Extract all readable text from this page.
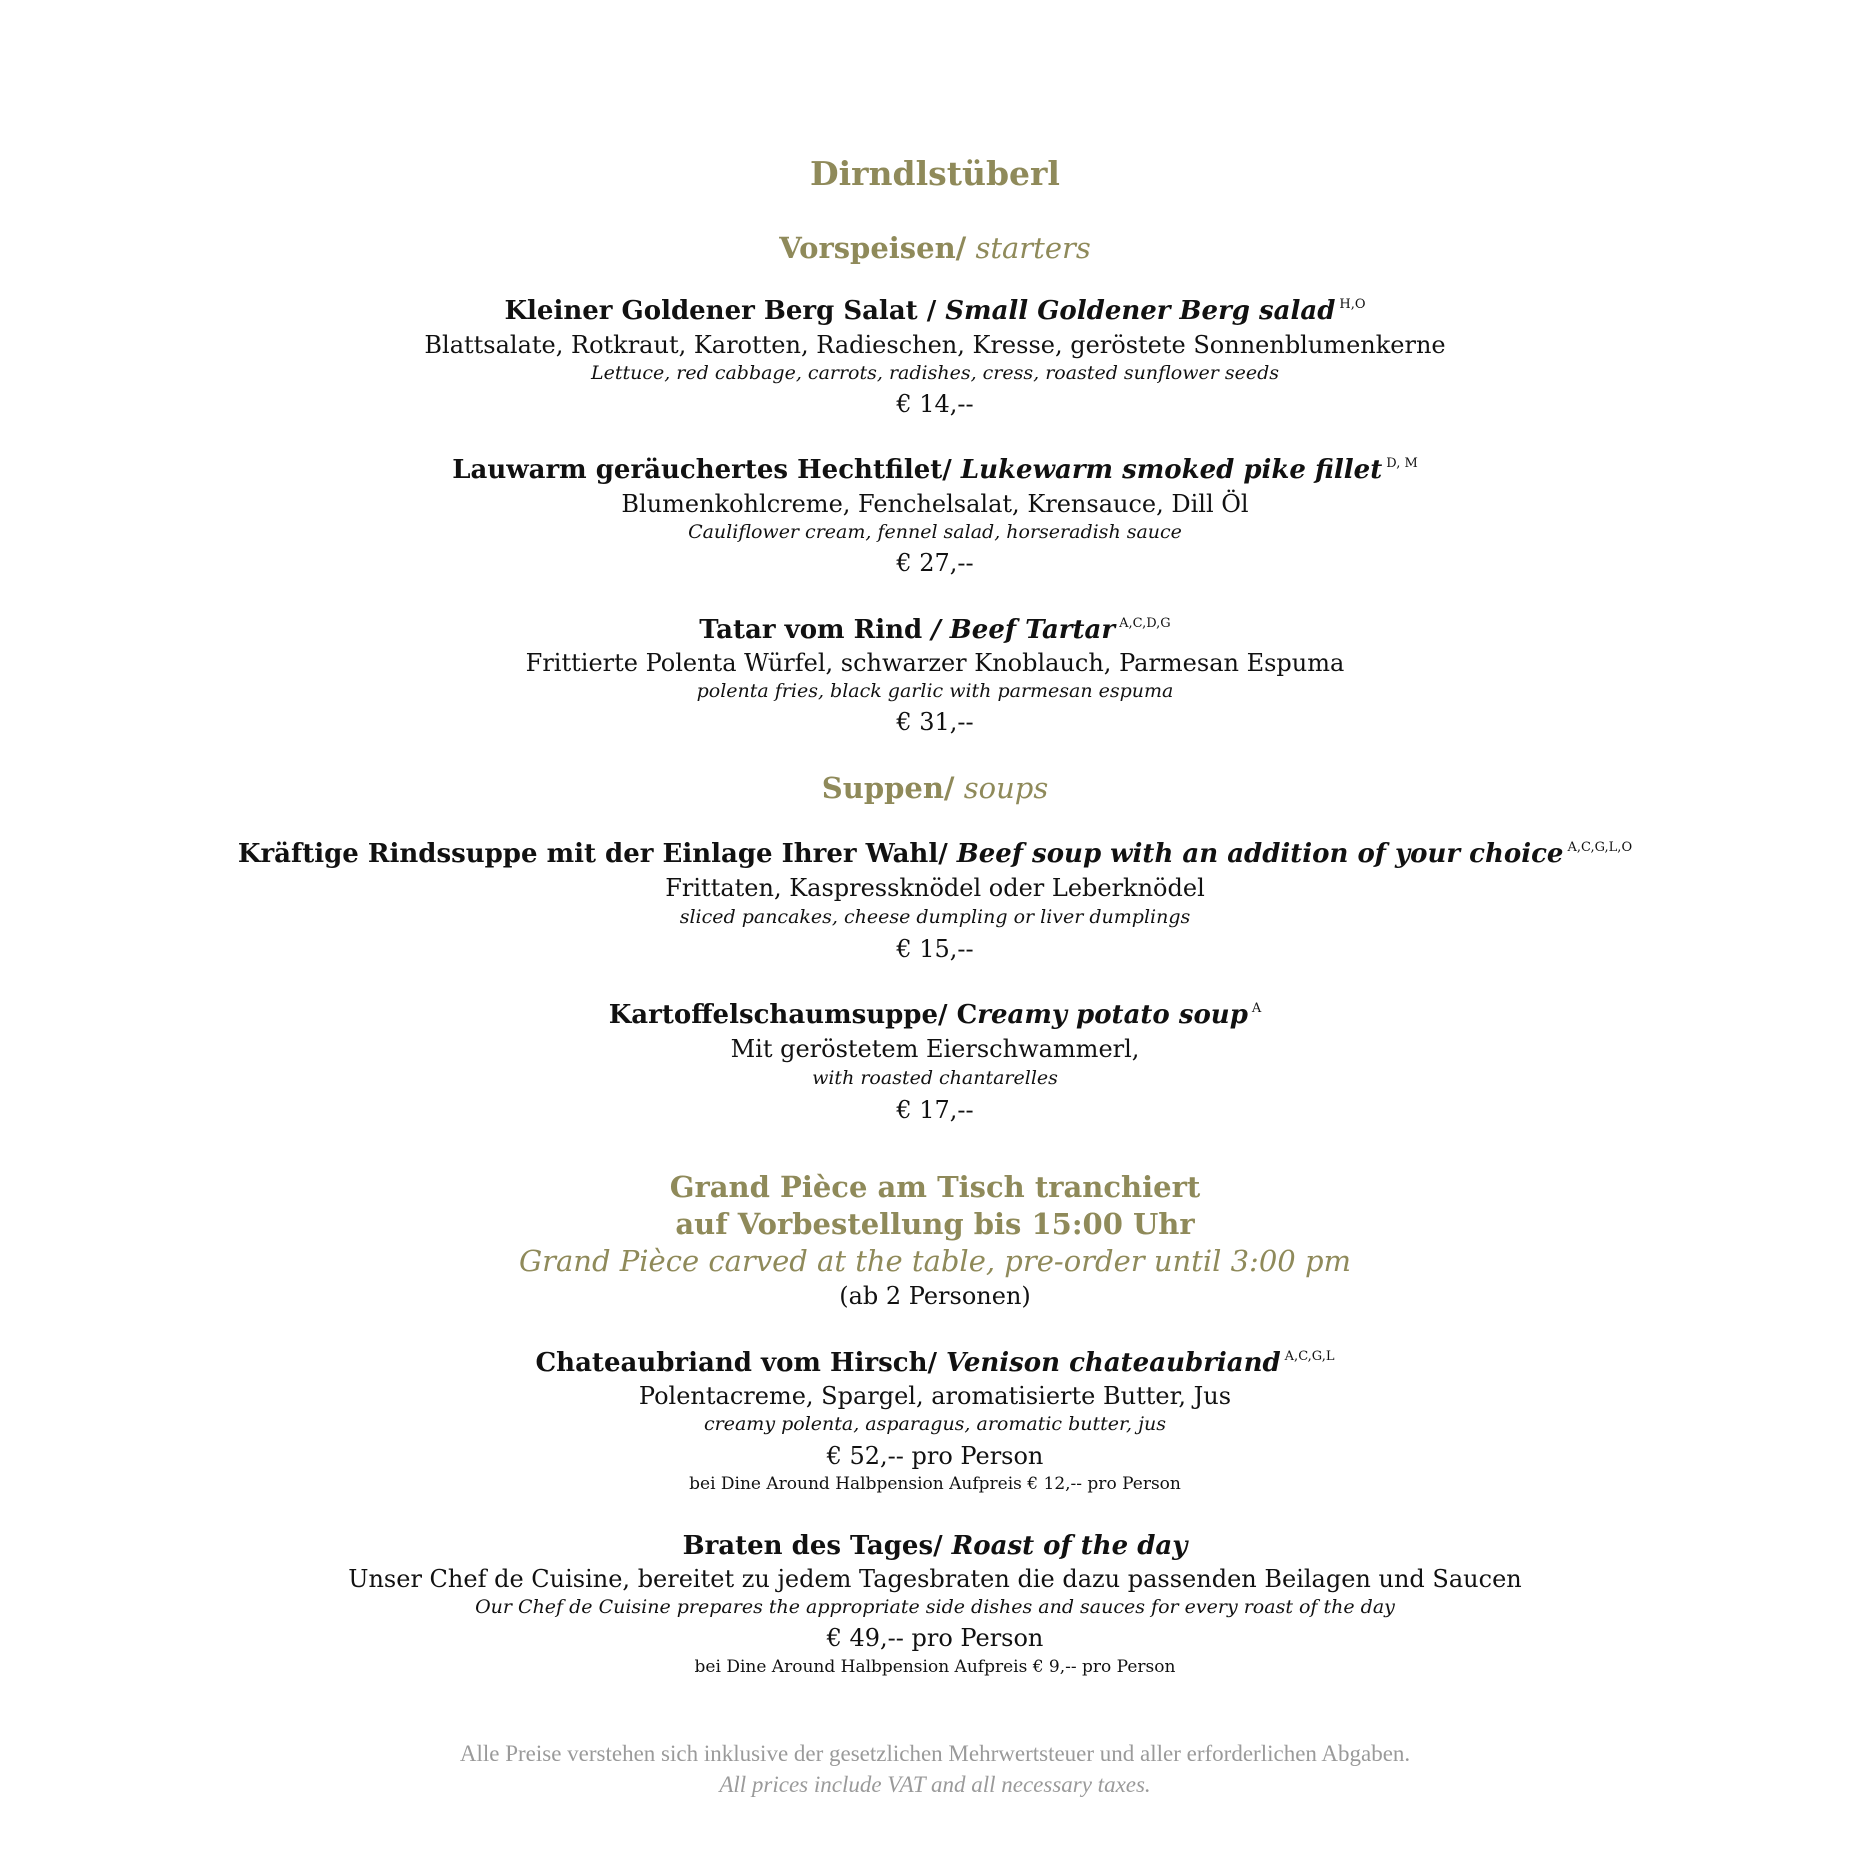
Dirndlstüberl
Vorspeisen/ starters
Kleiner Goldener Berg Salat / Small Goldener Berg salad $^{H,O}$
Blattsalate, Rotkraut, Karotten, Radieschen, Kresse, geröstete Sonnenblumenkerne
Lettuce, red cabbage, carrots, radishes, cress, roasted sunflower seeds
€ 14,--
Lauwarm geräuchertes Hechtfilet/ Lukewarm smoked pike fillet $^{D, M}$
Blumenkohlcreme, Fenchelsalat, Krensauce, Dill Öl
Cauliflower cream, fennel salad, horseradish sauce
€ 27,--
Tatar vom Rind / Beef Tartar $^{A,C,D,G}$
Frittierte Polenta Würfel, schwarzer Knoblauch, Parmesan Espuma
polenta fries, black garlic with parmesan espuma
€ 31,--
Suppen/ soups
Kräftige Rindssuppe mit der Einlage Ihrer Wahl/ Beef soup with an addition of your choice $^{A,C,G,L,O}$
Frittaten, Kaspressknödel oder Leberknödel
sliced pancakes, cheese dumpling or liver dumplings
€ 15,--
Kartoffelschaumsuppe/ Creamy potato soup $^A$
Mit geröstetem Eierschwammerl,
with roasted chantarelles
€ 17,--
Grand Pièce am Tisch tranchiert
auf Vorbestellung bis 15:00 Uhr
Grand Pièce carved at the table, pre-order until 3:00 pm
(ab 2 Personen)
Chateaubriand vom Hirsch/ Venison chateaubriand $^{A,C,G,L}$
Polentacreme, Spargel, aromatisierte Butter, Jus
creamy polenta, asparagus, aromatic butter, jus
€ 52,-- pro Person
bei Dine Around Halbpension Aufpreis € 12,-- pro Person
Braten des Tages/ Roast of the day
Unser Chef de Cuisine, bereitet zu jedem Tagesbraten die dazu passenden Beilagen und Saucen
Our Chef de Cuisine prepares the appropriate side dishes and sauces for every roast of the day
€ 49,-- pro Person
bei Dine Around Halbpension Aufpreis € 9,-- pro Person
Alle Preise verstehen sich inklusive der gesetzlichen Mehrwertsteuer und aller erforderlichen Abgaben.
All prices include VAT and all necessary taxes.
